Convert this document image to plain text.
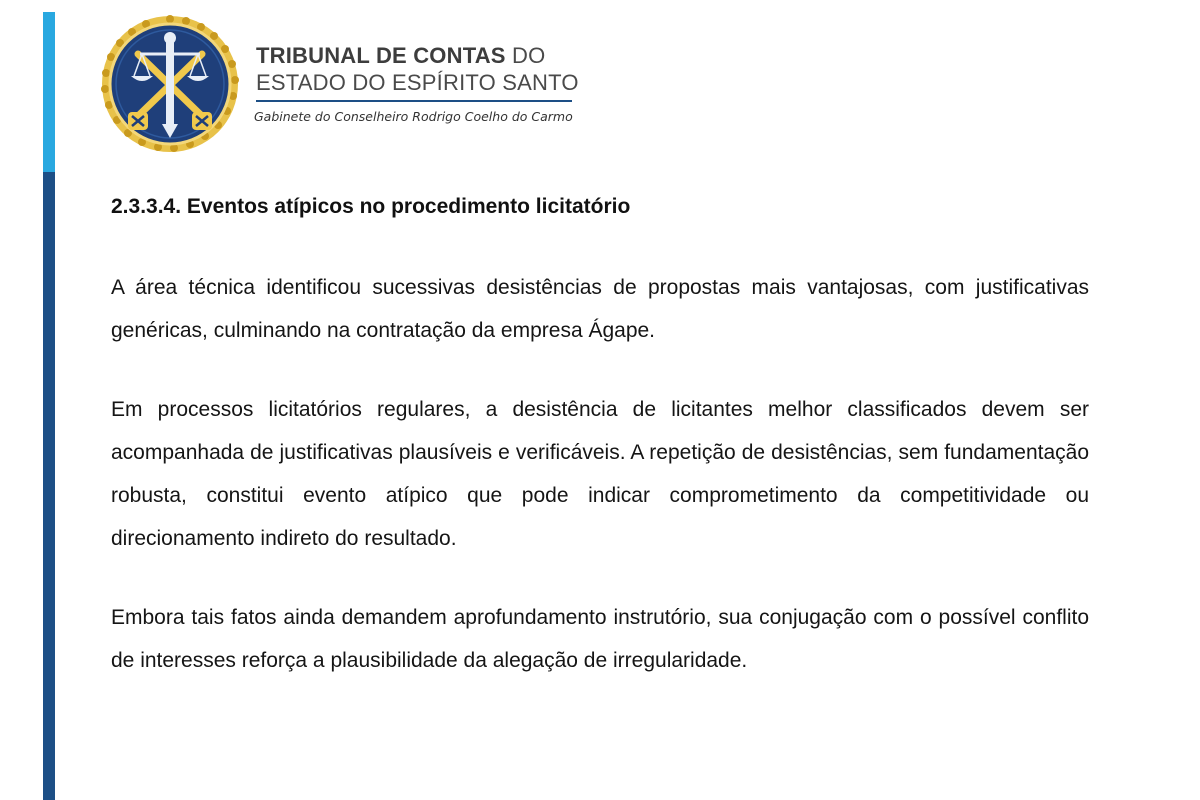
TRIBUNAL DE CONTAS DO
ESTADO DO ESPÍRITO SANTO
Gabinete do Conselheiro Rodrigo Coelho do Carmo
2.3.3.4. Eventos atípicos no procedimento licitatório

A área técnica identificou sucessivas desistências de propostas mais vantajosas, com justificativas genéricas, culminando na contratação da empresa Ágape.

Em processos licitatórios regulares, a desistência de licitantes melhor classificados devem ser acompanhada de justificativas plausíveis e verificáveis. A repetição de desistências, sem fundamentação robusta, constitui evento atípico que pode indicar comprometimento da competitividade ou direcionamento indireto do resultado.

Embora tais fatos ainda demandem aprofundamento instrutório, sua conjugação com o possível conflito de interesses reforça a plausibilidade da alegação de irregularidade.
